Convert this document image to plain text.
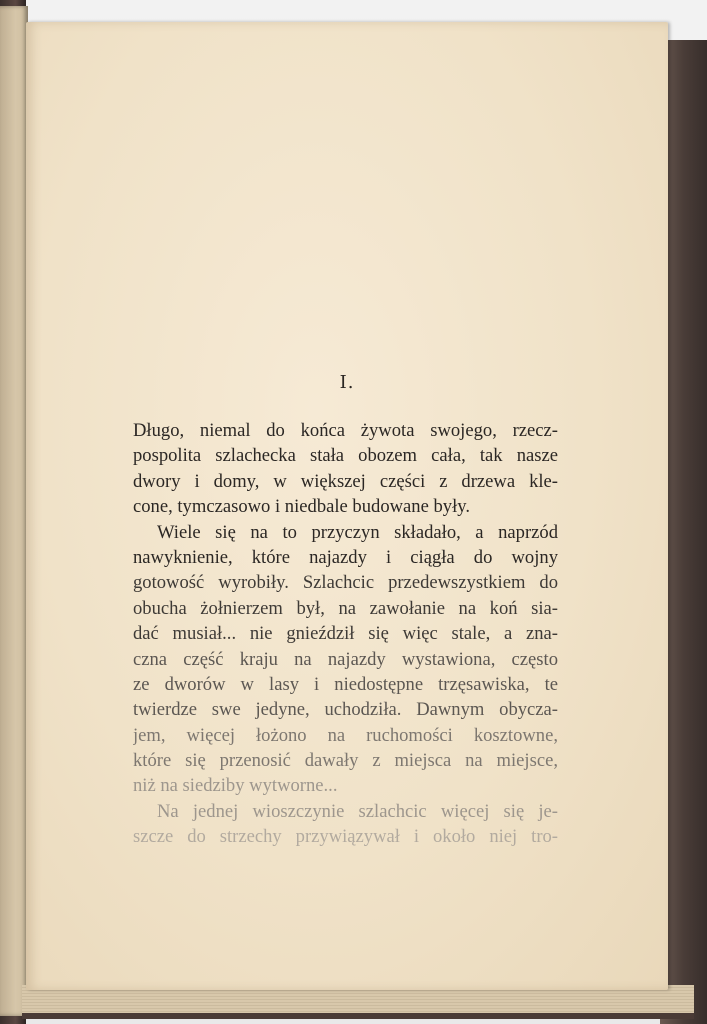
I.
Długo, niemal do końca żywota swojego, rzecz-
pospolita szlachecka stała obozem cała, tak nasze
dwory i domy, w większej części z drzewa kle-
cone, tymczasowo i niedbale budowane były.
Wiele się na to przyczyn składało, a naprzód
nawyknienie, które najazdy i ciągła do wojny
gotowość wyrobiły. Szlachcic przedewszystkiem do
obucha żołnierzem był, na zawołanie na koń sia-
dać musiał... nie gnieździł się więc stale, a zna-
czna część kraju na najazdy wystawiona, często
ze dworów w lasy i niedostępne trzęsawiska, te
twierdze swe jedyne, uchodziła. Dawnym obycza-
jem, więcej łożono na ruchomości kosztowne,
które się przenosić dawały z miejsca na miejsce,
niż na siedziby wytworne...
Na jednej wioszczynie szlachcic więcej się je-
szcze do strzechy przywiązywał i około niej tro-
